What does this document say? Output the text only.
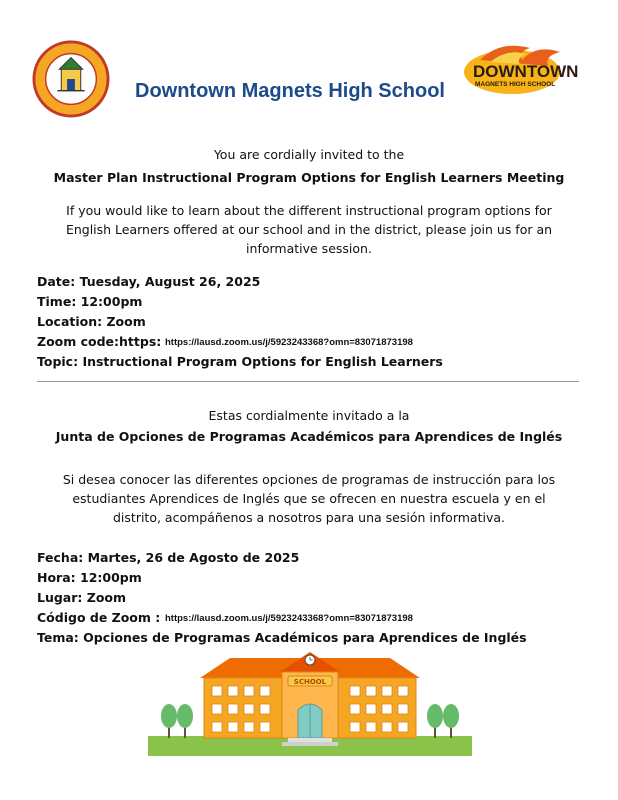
Downtown Magnets High School
DOWNTOWN
MAGNETS HIGH SCHOOL
You are cordially invited to the
Master Plan Instructional Program Options for English Learners Meeting
If you would like to learn about the different instructional program options for
English Learners offered at our school and in the district, please join us for an
informative session.
Date: Tuesday, August 26, 2025
Time: 12:00pm
Location: Zoom
Zoom code:https: https://lausd.zoom.us/j/5923243368?omn=83071873198
Topic: Instructional Program Options for English Learners
Estas cordialmente invitado a la
Junta de Opciones de Programas Académicos para Aprendices de Inglés
Si desea conocer las diferentes opciones de programas de instrucción para los
estudiantes Aprendices de Inglés que se ofrecen en nuestra escuela y en el
distrito, acompáñenos a nosotros para una sesión informativa.
Fecha: Martes, 26 de Agosto de 2025
Hora: 12:00pm
Lugar: Zoom
Código de Zoom : https://lausd.zoom.us/j/5923243368?omn=83071873198
Tema: Opciones de Programas Académicos para Aprendices de Inglés
SCHOOL
